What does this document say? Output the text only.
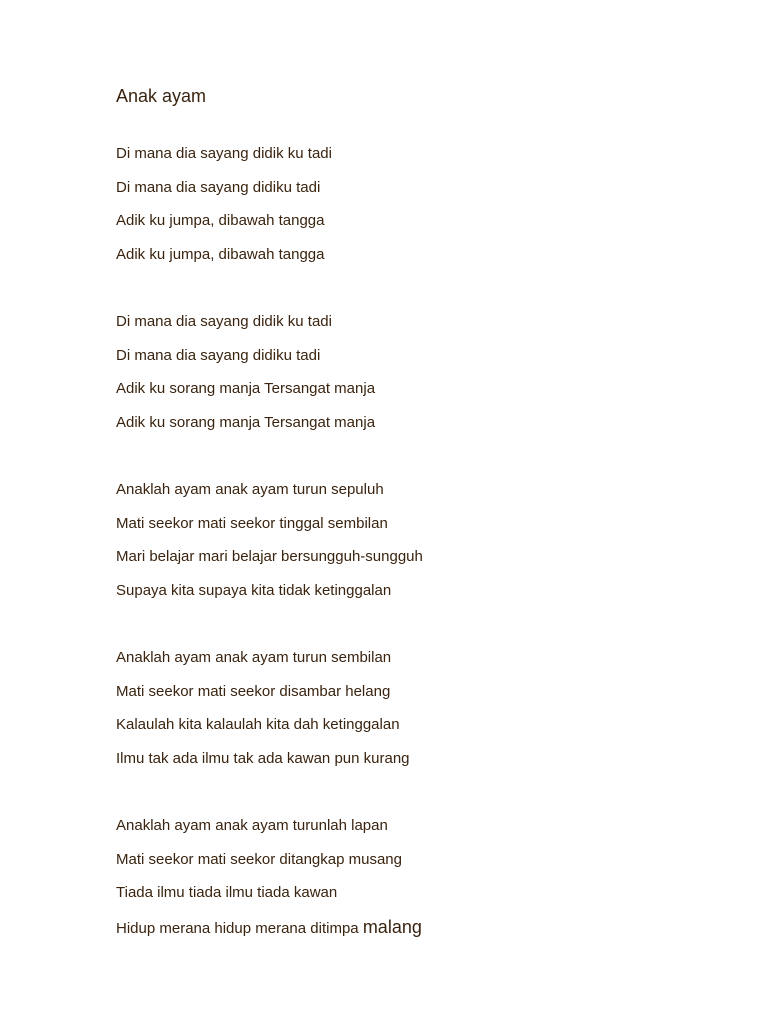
Anak ayam
Di mana dia sayang didik ku tadi
Di mana dia sayang didiku tadi
Adik ku jumpa, dibawah tangga
Adik ku jumpa, dibawah tangga
Di mana dia sayang didik ku tadi
Di mana dia sayang didiku tadi
Adik ku sorang manja Tersangat manja
Adik ku sorang manja Tersangat manja
Anaklah ayam anak ayam turun sepuluh
Mati seekor mati seekor tinggal sembilan
Mari belajar mari belajar bersungguh-sungguh
Supaya kita supaya kita tidak ketinggalan
Anaklah ayam anak ayam turun sembilan
Mati seekor mati seekor disambar helang
Kalaulah kita kalaulah kita dah ketinggalan
Ilmu tak ada ilmu tak ada kawan pun kurang
Anaklah ayam anak ayam turunlah lapan
Mati seekor mati seekor ditangkap musang
Tiada ilmu tiada ilmu tiada kawan
Hidup merana hidup merana ditimpa malang
